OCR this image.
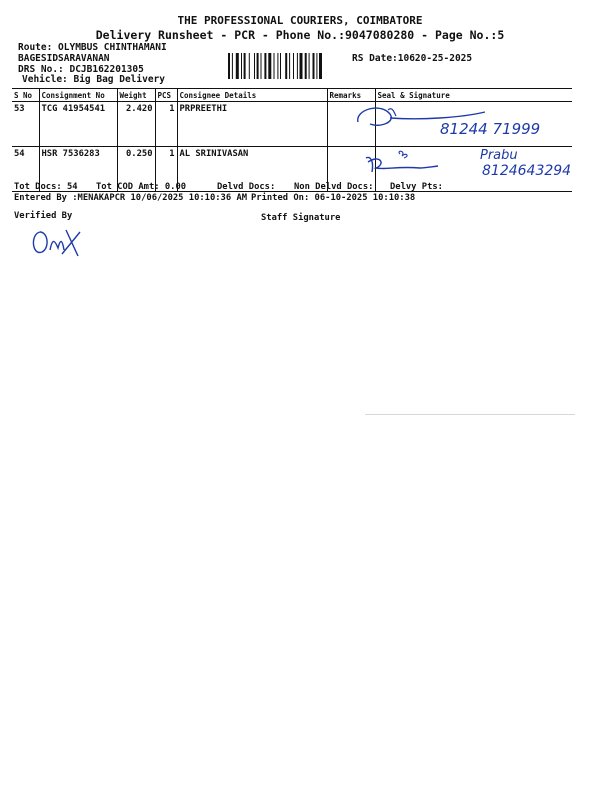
THE PROFESSIONAL COURIERS, COIMBATORE
Delivery Runsheet - PCR - Phone No.:9047080280 - Page No.:5
Route: OLYMBUS CHINTHAMANI
BAGESIDSARAVANAN
DRS No.: DCJB162201305
Vehicle: Big Bag Delivery
RS Date:10620-25-2025
S No	Consignment No	Weight	PCS	Consignee Details	Remarks	Seal & Signature
53	TCG 41954541	2.420	1	PRPREETHI		
54	HSR 7536283	0.250	1	AL SRINIVASAN		
81244 71999
Prabu
8124643294
Tot Docs: 54 Tot COD Amt: 0.00	Delvd Docs: Non Delvd Docs: Delvy Pts:
Entered By :MENAKAPCR 10/06/2025 10:10:36 AM Printed On: 06-10-2025 10:10:38
Verified By	Staff Signature
